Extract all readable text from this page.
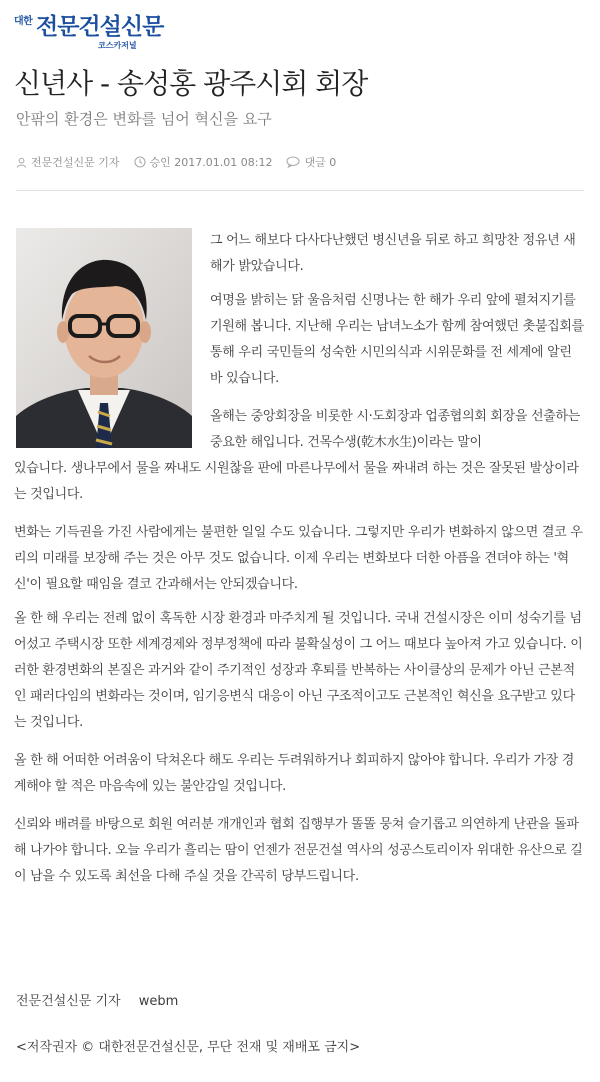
대한 전문건설신문
코스카저널
신년사 - 송성홍 광주시회 회장
안팎의 환경은 변화를 넘어 혁신을 요구
전문건설신문 기자	승인 2017.01.01 08:12	댓글 0

그 어느 해보다 다사다난했던 병신년을 뒤로 하고 희망찬 정유년 새해가 밝았습니다.

여명을 밝히는 닭 울음처럼 신명나는 한 해가 우리 앞에 펼쳐지기를 기원해 봅니다. 지난해 우리는 남녀노소가 함께 참여했던 촛불집회를 통해 우리 국민들의 성숙한 시민의식과 시위문화를 전 세계에 알린 바 있습니다.

올해는 중앙회장을 비롯한 시·도회장과 업종협의회 회장을 선출하는 중요한 해입니다. 건목수생(乾木水生)이라는 말이
있습니다. 생나무에서 물을 짜내도 시원찮을 판에 마른나무에서 물을 짜내려 하는 것은 잘못된 발상이라는 것입니다.

변화는 기득권을 가진 사람에게는 불편한 일일 수도 있습니다. 그렇지만 우리가 변화하지 않으면 결코 우리의 미래를 보장해 주는 것은 아무 것도 없습니다. 이제 우리는 변화보다 더한 아픔을 견뎌야 하는 '혁신'이 필요할 때임을 결코 간과해서는 안되겠습니다.

올 한 해 우리는 전례 없이 혹독한 시장 환경과 마주치게 될 것입니다. 국내 건설시장은 이미 성숙기를 넘어섰고 주택시장 또한 세계경제와 정부정책에 따라 불확실성이 그 어느 때보다 높아져 가고 있습니다. 이러한 환경변화의 본질은 과거와 같이 주기적인 성장과 후퇴를 반복하는 사이클상의 문제가 아닌 근본적인 패러다임의 변화라는 것이며, 임기응변식 대응이 아닌 구조적이고도 근본적인 혁신을 요구받고 있다는 것입니다.

올 한 해 어떠한 어려움이 닥쳐온다 해도 우리는 두려워하거나 회피하지 않아야 합니다. 우리가 가장 경계해야 할 적은 마음속에 있는 불안감일 것입니다.

신뢰와 배려를 바탕으로 회원 여러분 개개인과 협회 집행부가 똘똘 뭉쳐 슬기롭고 의연하게 난관을 돌파해 나가야 합니다. 오늘 우리가 흘리는 땀이 언젠가 전문건설 역사의 성공스토리이자 위대한 유산으로 길이 남을 수 있도록 최선을 다해 주실 것을 간곡히 당부드립니다.

전문건설신문 기자 webm
<저작권자 © 대한전문건설신문, 무단 전재 및 재배포 금지>
